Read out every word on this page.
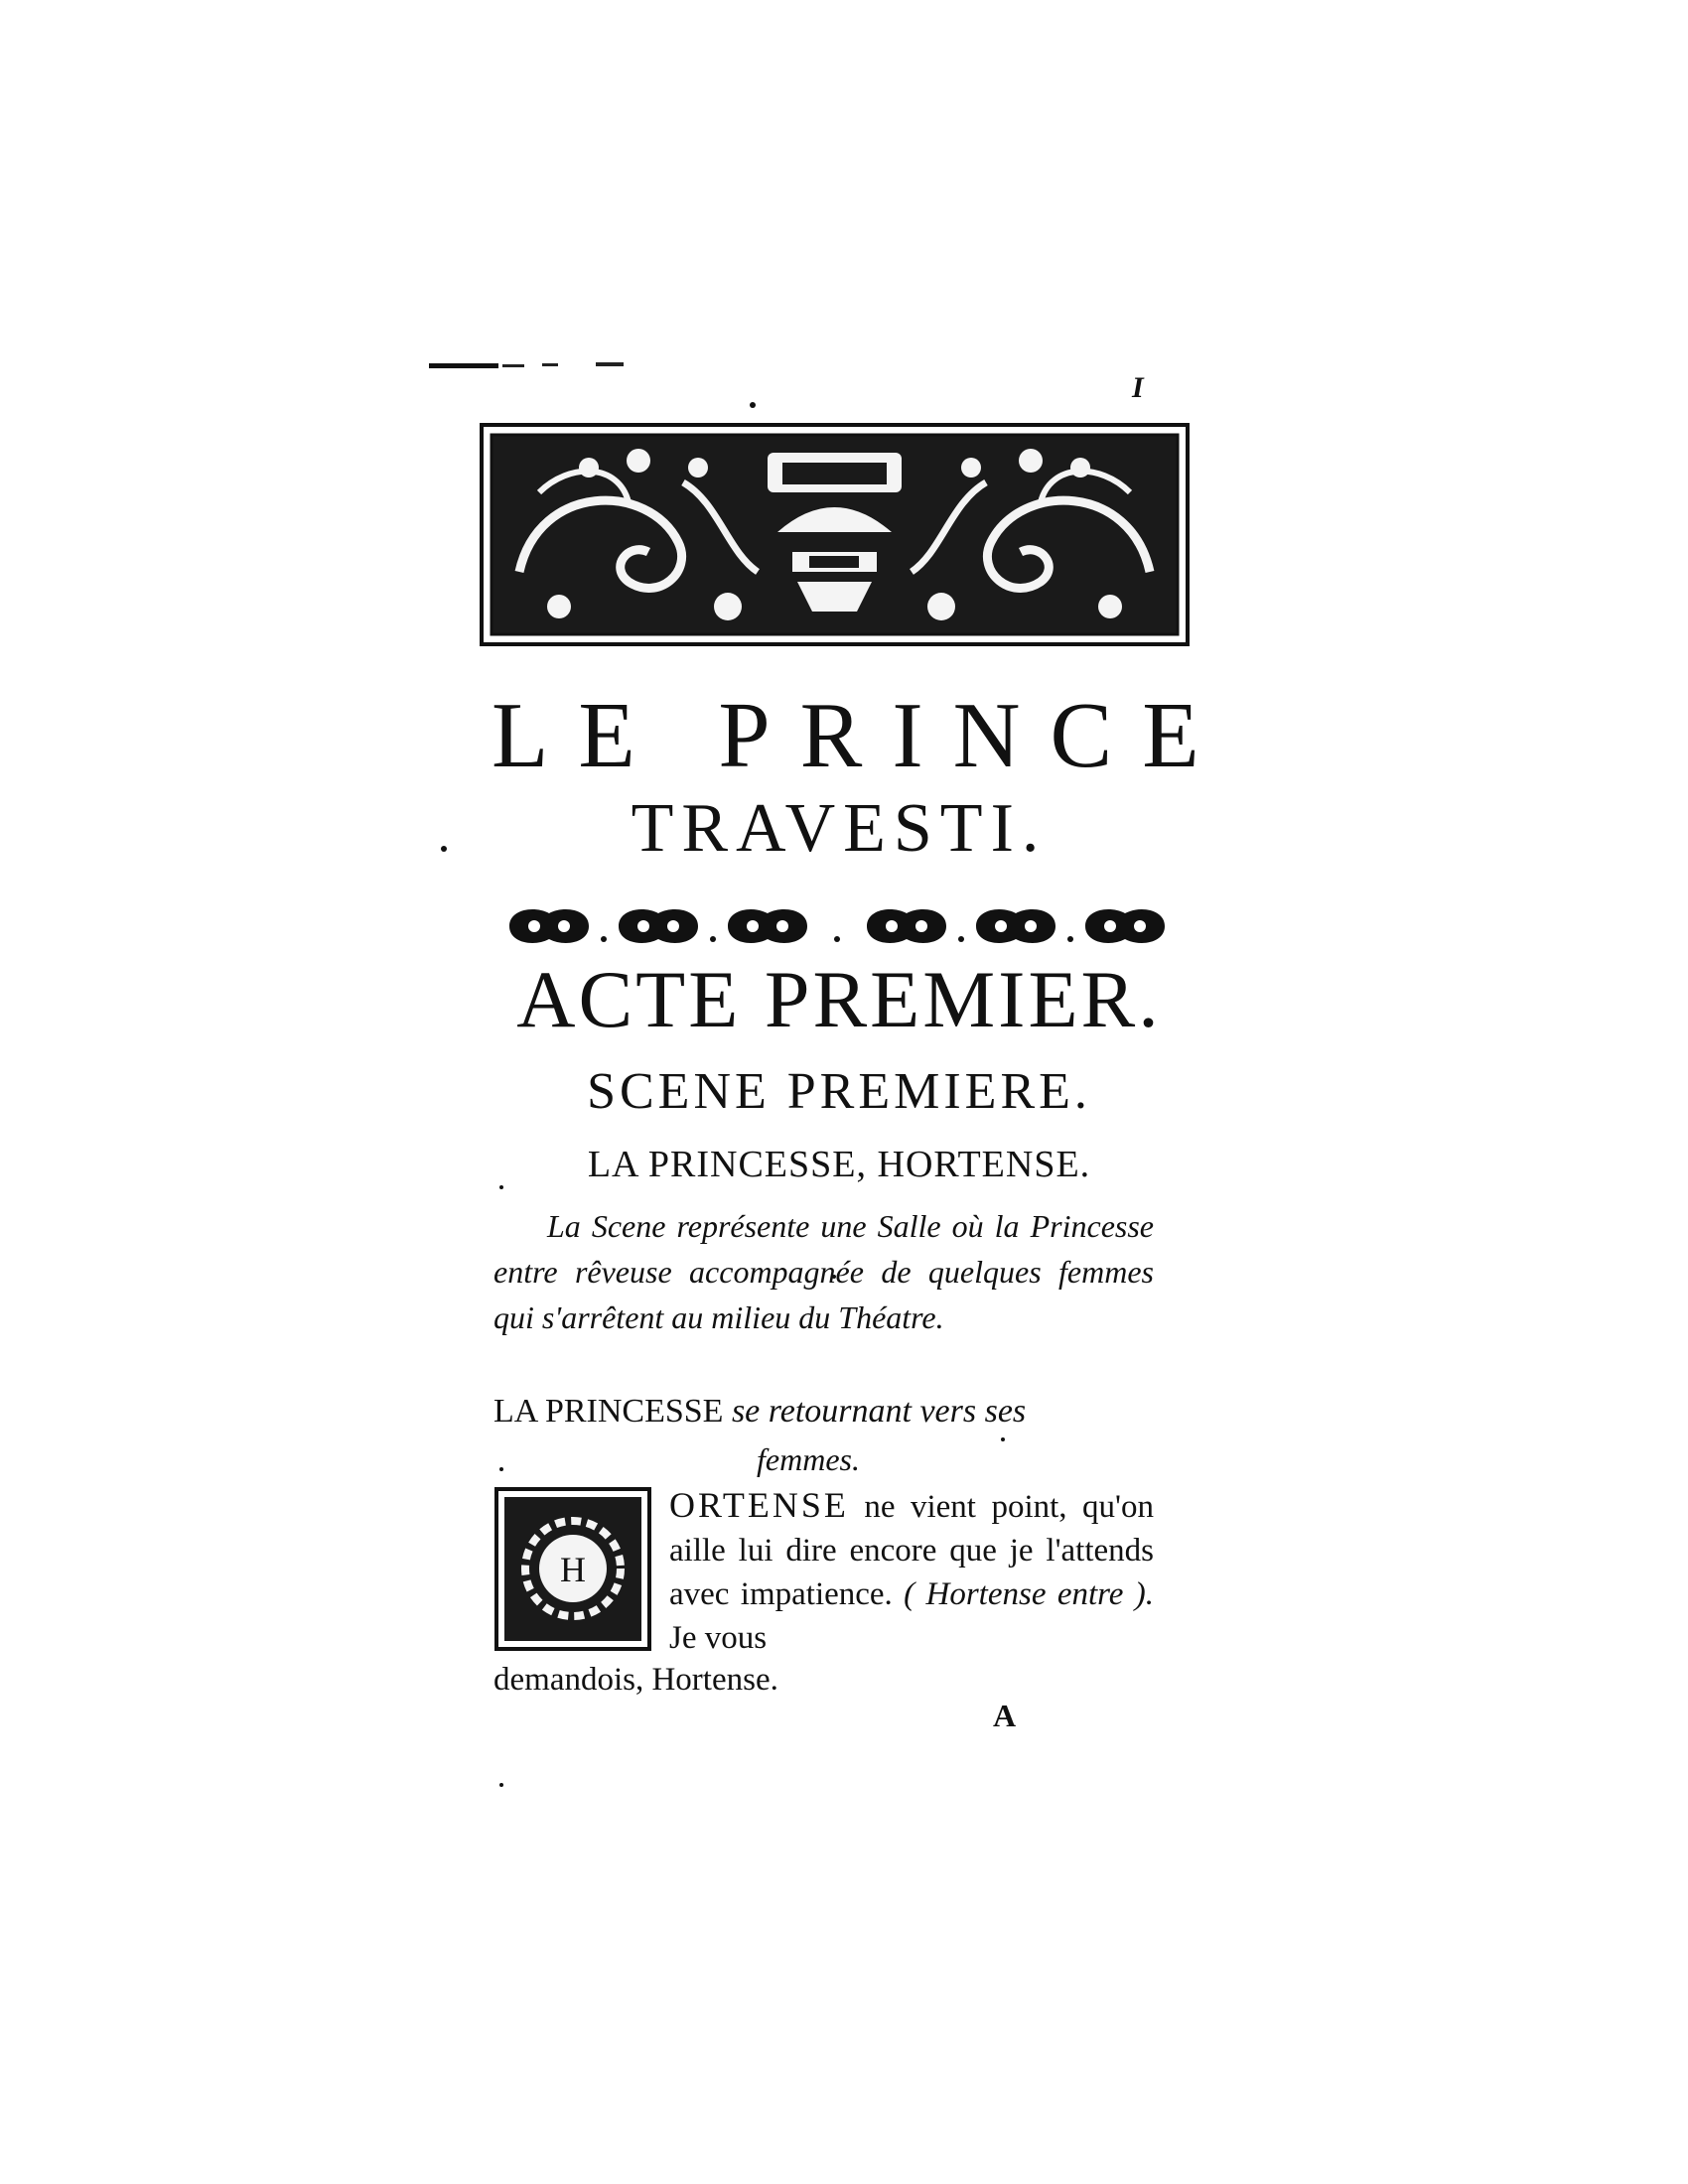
I
LE PRINCE
TRAVESTI.
ACTE PREMIER.
SCENE PREMIERE.
LA PRINCESSE, HORTENSE.

La Scene représente une Salle où la Princesse entre rêveuse accompagnée de quelques femmes qui s'arrêtent au milieu du Théatre.

LA PRINCESSE se retournant vers ses

femmes.
H

ORTENSE ne vient point, qu'on aille lui dire encore que je l'attends avec impatience. ( Hortense entre ). Je vous

demandois, Hortense.

A
